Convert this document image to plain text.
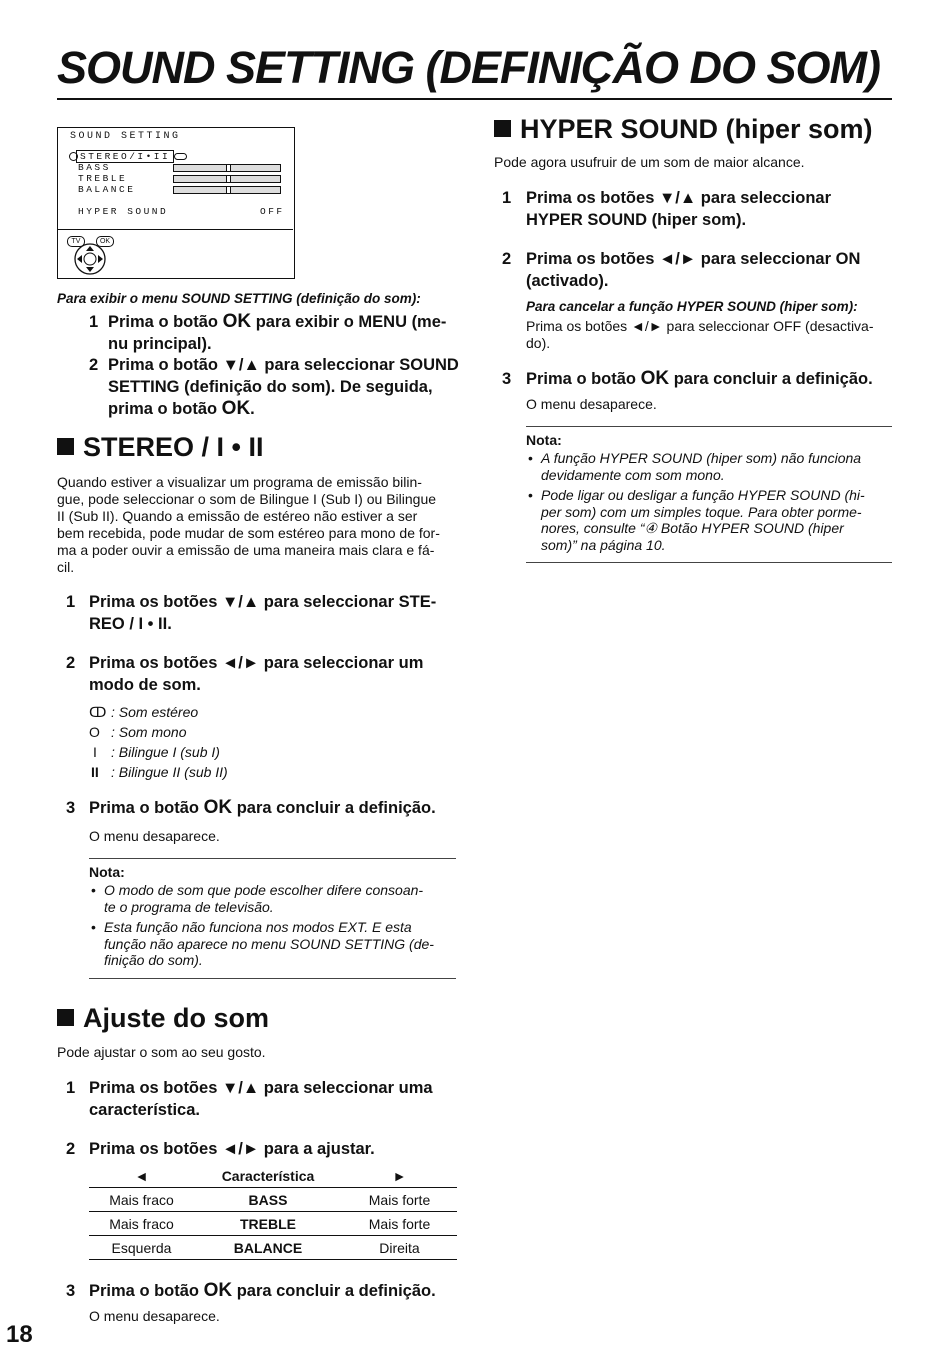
SOUND SETTING (DEFINIÇÃO DO SOM)
SOUND SETTING
STEREO/I•II
BASS
TREBLE
BALANCE
HYPER SOUND	OFF
TV	OK
Para exibir o menu SOUND SETTING (definição do som):
1 Prima o botão OK para exibir o MENU (me-
nu principal).
2 Prima o botão ▼/▲ para seleccionar SOUND
SETTING (definição do som). De seguida,
prima o botão OK.
STEREO / I • II
Quando estiver a visualizar um programa de emissão bilin-
gue, pode seleccionar o som de Bilingue I (Sub I) ou Bilingue
II (Sub II). Quando a emissão de estéreo não estiver a ser
bem recebida, pode mudar de som estéreo para mono de for-
ma a poder ouvir a emissão de uma maneira mais clara e fá-
cil.
1 Prima os botões ▼/▲ para seleccionar STE-
REO / I • II.
2 Prima os botões ◄/► para seleccionar um
modo de som.
ↀ : Som estéreo
O : Som mono
I : Bilingue I (sub I)
II : Bilingue II (sub II)
3 Prima o botão OK para concluir a definição.
O menu desaparece.
Nota:
• O modo de som que pode escolher difere consoan-
te o programa de televisão.
• Esta função não funciona nos modos EXT. E esta
função não aparece no menu SOUND SETTING (de-
finição do som).
Ajuste do som
Pode ajustar o som ao seu gosto.
1 Prima os botões ▼/▲ para seleccionar uma
característica.
2 Prima os botões ◄/► para a ajustar.
◄	Característica	►
Mais fraco	BASS	Mais forte
Mais fraco	TREBLE	Mais forte
Esquerda	BALANCE	Direita
3 Prima o botão OK para concluir a definição.
O menu desaparece.
HYPER SOUND (hiper som)
Pode agora usufruir de um som de maior alcance.
1 Prima os botões ▼/▲ para seleccionar
HYPER SOUND (hiper som).
2 Prima os botões ◄/► para seleccionar ON
(activado).
Para cancelar a função HYPER SOUND (hiper som):
Prima os botões ◄/► para seleccionar OFF (desactiva-
do).
3 Prima o botão OK para concluir a definição.
O menu desaparece.
Nota:
• A função HYPER SOUND (hiper som) não funciona
devidamente com som mono.
• Pode ligar ou desligar a função HYPER SOUND (hi-
per som) com um simples toque. Para obter porme-
nores, consulte “④ Botão HYPER SOUND (hiper
som)” na página 10.
18
